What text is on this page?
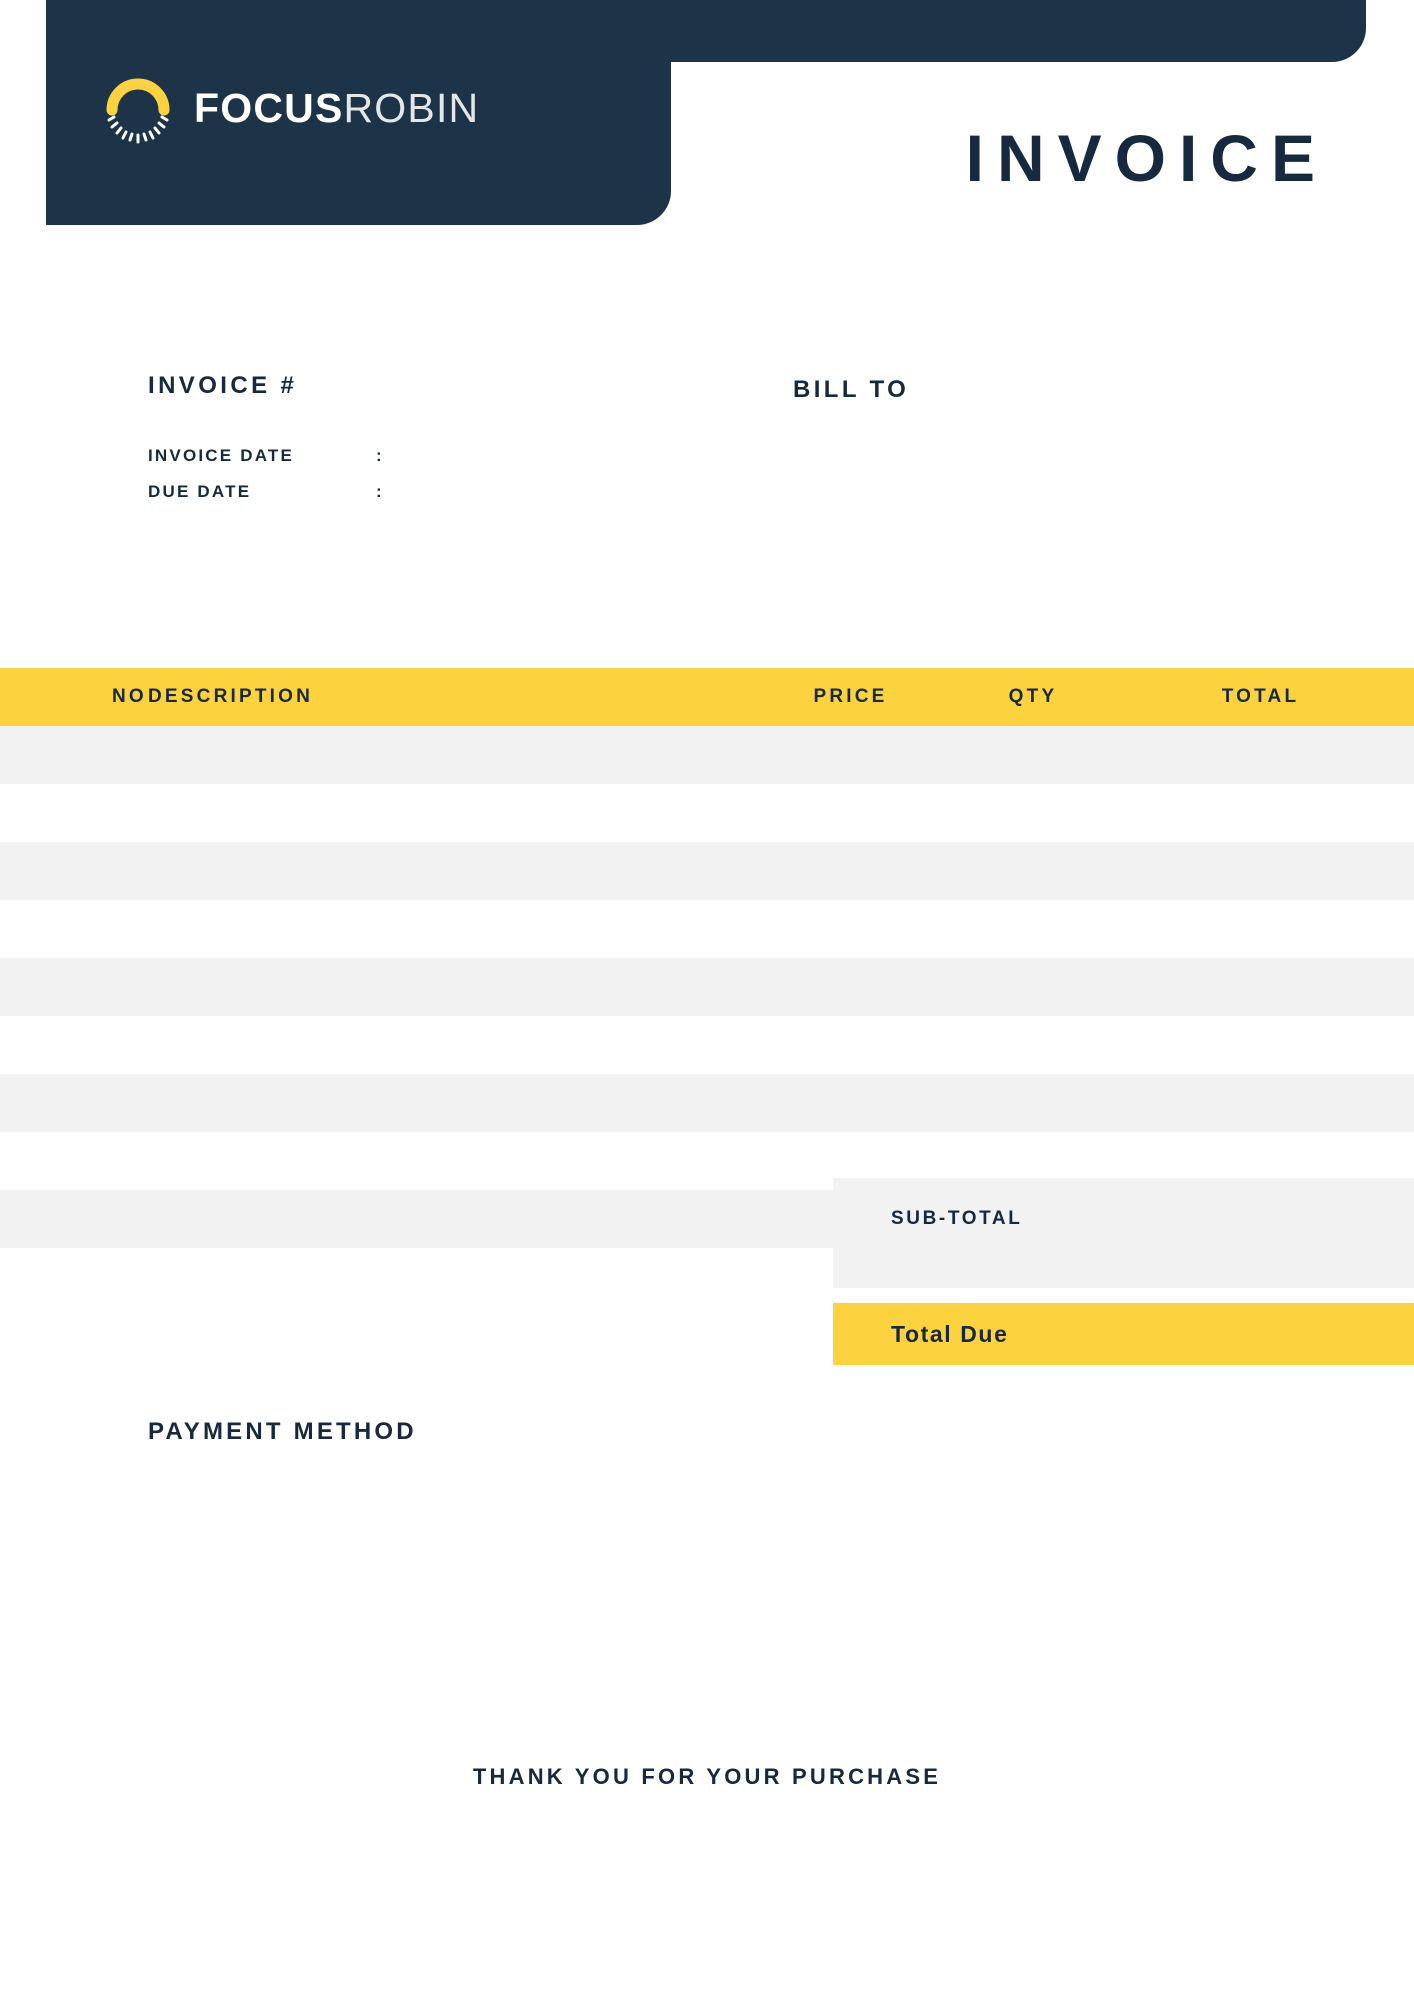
FOCUSROBIN
INVOICE
INVOICE #
INVOICE DATE	:
DUE DATE	:
BILL TO
NO DESCRIPTION	PRICE	QTY	TOTAL
SUB-TOTAL
Total Due
PAYMENT METHOD
THANK YOU FOR YOUR PURCHASE
